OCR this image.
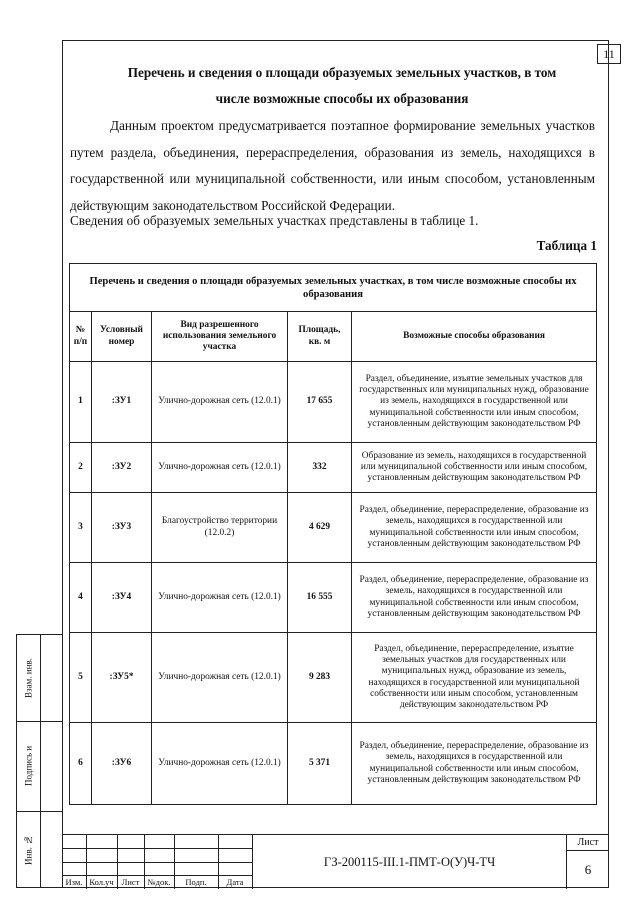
11
Перечень и сведения о площади образуемых земельных участков, в том
числе возможные способы их образования
Данным проектом предусматривается поэтапное формирование земельных участков путем раздела, объединения, перераспределения, образования из земель, находящихся в государственной или муниципальной собственности, или иным способом, установленным действующим законодательством Российской Федерации.
Сведения об образуемых земельных участках представлены в таблице 1.
Таблица 1
Перечень и сведения о площади образуемых земельных участках, в том числе возможные способы их образования				
№ п/п	Условный номер	Вид разрешенного использования земельного участка	Площадь, кв. м	Возможные способы образования
1	:ЗУ1	Улично-дорожная сеть (12.0.1)	17 655	Раздел, объединение, изъятие земельных участков для государственных или муниципальных нужд, образование из земель, находящихся в государственной или муниципальной собственности или иным способом, установленным действующим законодательством РФ
2	:ЗУ2	Улично-дорожная сеть (12.0.1)	332	Образование из земель, находящихся в государственной или муниципальной собственности или иным способом, установленным действующим законодательством РФ
3	:ЗУ3	Благоустройство территории (12.0.2)	4 629	Раздел, объединение, перераспределение, образование из земель, находящихся в государственной или муниципальной собственности или иным способом, установленным действующим законодательством РФ
4	:ЗУ4	Улично-дорожная сеть (12.0.1)	16 555	Раздел, объединение, перераспределение, образование из земель, находящихся в государственной или муниципальной собственности или иным способом, установленным действующим законодательством РФ
5	:ЗУ5*	Улично-дорожная сеть (12.0.1)	9 283	Раздел, объединение, перераспределение, изъятие земельных участков для государственных или муниципальных нужд, образование из земель, находящихся в государственной или муниципальной собственности или иным способом, установленным действующим законодательством РФ
6	:ЗУ6	Улично-дорожная сеть (12.0.1)	5 371	Раздел, объединение, перераспределение, образование из земель, находящихся в государственной или муниципальной собственности или иным способом, установленным действующим законодательством РФ
Взам. инв.
Подпись и
Инв. №
Изм. Кол.уч Лист №док.	Подп.	Дата
ГЗ-200115-III.1-ПМТ-О(У)Ч-ТЧ
Лист
6
